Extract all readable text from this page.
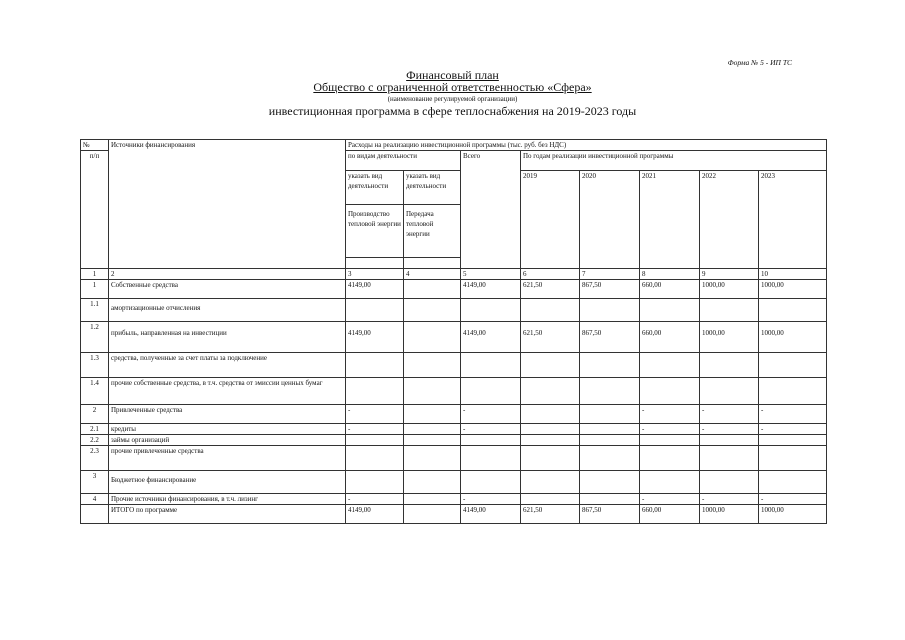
Форма № 5 - ИП ТС
Финансовый план
Общество с ограниченной ответственностью «Сфера»
(наименование регулируемой организации)
инвестиционная программа в сфере теплоснабжения на 2019-2023 годы
№	Источники финансирования	Расходы на реализацию инвестиционной программы (тыс. руб. без НДС)							
п/п		по видам деятельности		Всего	По годам реализации инвестиционной программы				
		указать вид деятельности	указать вид деятельности		2019	2020	2021	2022	2023
		Производство тепловой энергии	Передача тепловой энергии						

1	2	3	4	5	6	7	8	9	10
1	Собственные средства	4149,00		4149,00	621,50	867,50	660,00	1000,00	1000,00
1.1	амортизационные отчисления								
1.2	прибыль, направленная на инвестиции	4149,00		4149,00	621,50	867,50	660,00	1000,00	1000,00
1.3	средства, полученные за счет платы за подключение								
1.4	прочие собственные средства, в т.ч. средства от эмиссии ценных бумаг								
2	Привлеченные средства	-		-			-	-	-
2.1	кредиты	-		-			-	-	-
2.2	займы организаций								
2.3	прочие привлеченные средства								
3	Бюджетное финансирование								
4	Прочие источники финансирования, в т.ч. лизинг	-		-			-	-	-
	ИТОГО по программе	4149,00		4149,00	621,50	867,50	660,00	1000,00	1000,00
